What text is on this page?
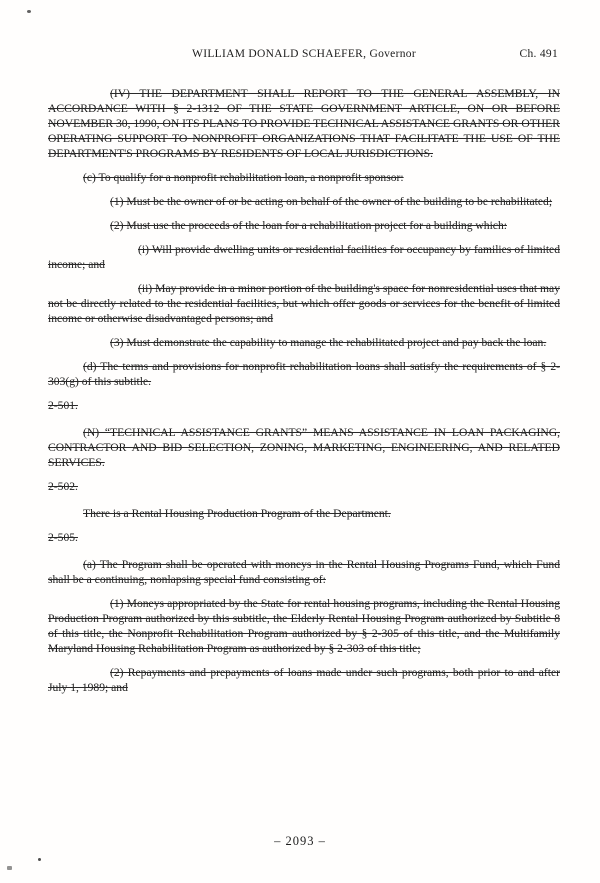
WILLIAM DONALD SCHAEFER, Governor	Ch. 491

(IV) THE DEPARTMENT SHALL REPORT TO THE GENERAL ASSEMBLY, IN ACCORDANCE WITH § 2-1312 OF THE STATE GOVERNMENT ARTICLE, ON OR BEFORE NOVEMBER 30, 1990, ON ITS PLANS TO PROVIDE TECHNICAL ASSISTANCE GRANTS OR OTHER OPERATING SUPPORT TO NONPROFIT ORGANIZATIONS THAT FACILITATE THE USE OF THE DEPARTMENT'S PROGRAMS BY RESIDENTS OF LOCAL JURISDICTIONS.

(c) To qualify for a nonprofit rehabilitation loan, a nonprofit sponsor:

(1) Must be the owner of or be acting on behalf of the owner of the building to be rehabilitated;

(2) Must use the proceeds of the loan for a rehabilitation project for a building which:

(i) Will provide dwelling units or residential facilities for occupancy by families of limited income; and

(ii) May provide in a minor portion of the building's space for nonresidential uses that may not be directly related to the residential facilities, but which offer goods or services for the benefit of limited income or otherwise disadvantaged persons; and

(3) Must demonstrate the capability to manage the rehabilitated project and pay back the loan.

(d) The terms and provisions for nonprofit rehabilitation loans shall satisfy the requirements of § 2-303(g) of this subtitle.

2-501.

(N) “TECHNICAL ASSISTANCE GRANTS” MEANS ASSISTANCE IN LOAN PACKAGING, CONTRACTOR AND BID SELECTION, ZONING, MARKETING, ENGINEERING, AND RELATED SERVICES.

2-502.

There is a Rental Housing Production Program of the Department.

2-505.

(a) The Program shall be operated with moneys in the Rental Housing Programs Fund, which Fund shall be a continuing, nonlapsing special fund consisting of:

(1) Moneys appropriated by the State for rental housing programs, including the Rental Housing Production Program authorized by this subtitle, the Elderly Rental Housing Program authorized by Subtitle 8 of this title, the Nonprofit Rehabilitation Program authorized by § 2-305 of this title, and the Multifamily Maryland Housing Rehabilitation Program as authorized by § 2-303 of this title;

(2) Repayments and prepayments of loans made under such programs, both prior to and after July 1, 1989; and

– 2093 –
